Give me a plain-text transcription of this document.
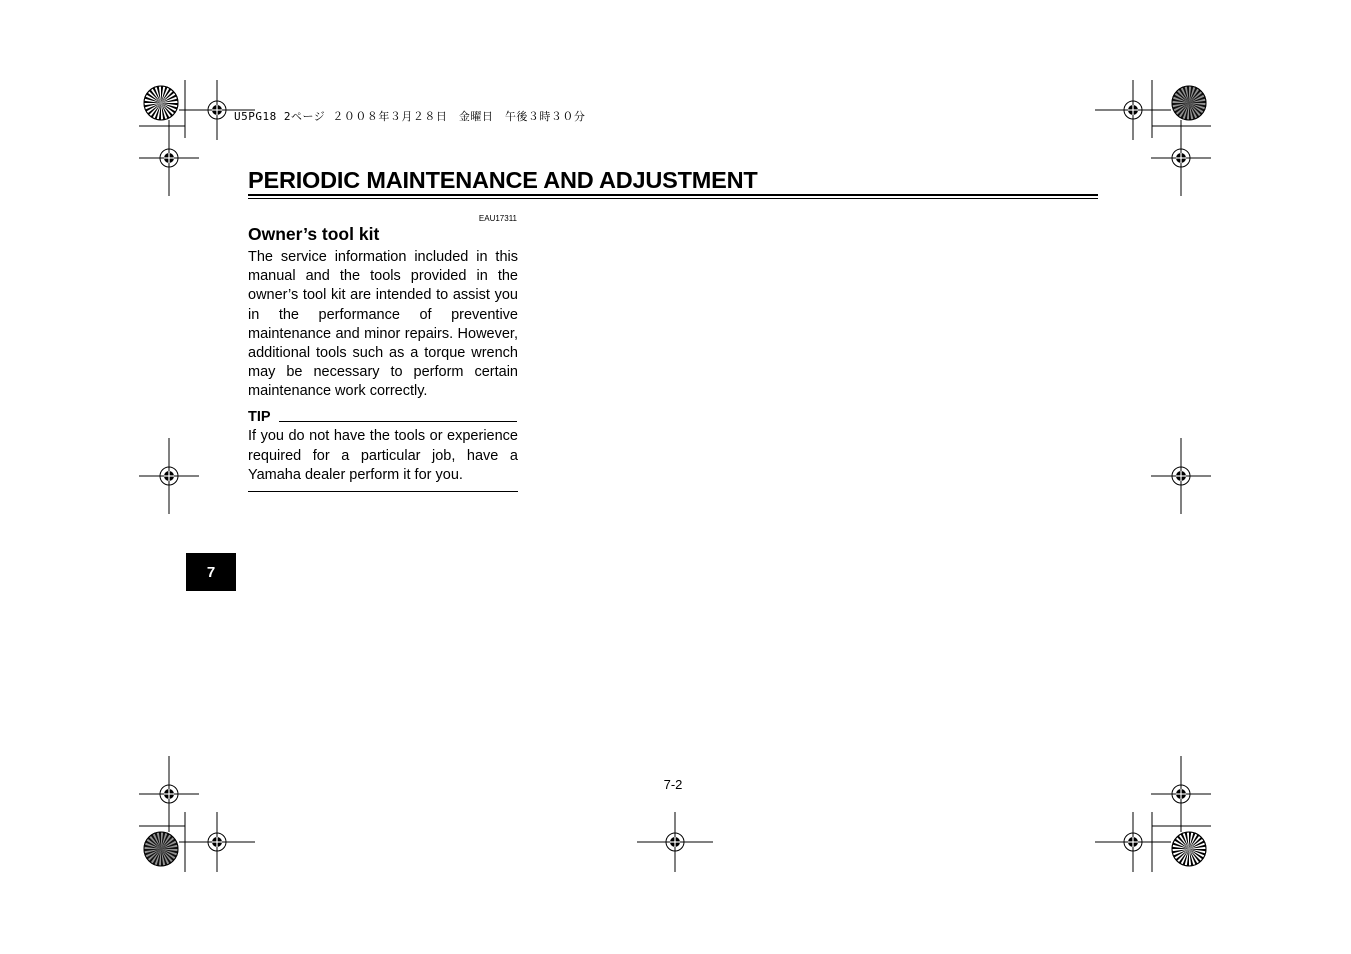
U5PG18 2ページ ２００８年３月２８日　金曜日　午後３時３０分
PERIODIC MAINTENANCE AND ADJUSTMENT
EAU17311
Owner’s tool kit

The service information included in this manual and the tools provided in the owner’s tool kit are intended to assist you in the performance of preventive maintenance and minor repairs. However, additional tools such as a torque wrench may be necessary to perform certain maintenance work correctly.

TIP

If you do not have the tools or experience required for a particular job, have a Yamaha dealer perform it for you.

7
7-2
